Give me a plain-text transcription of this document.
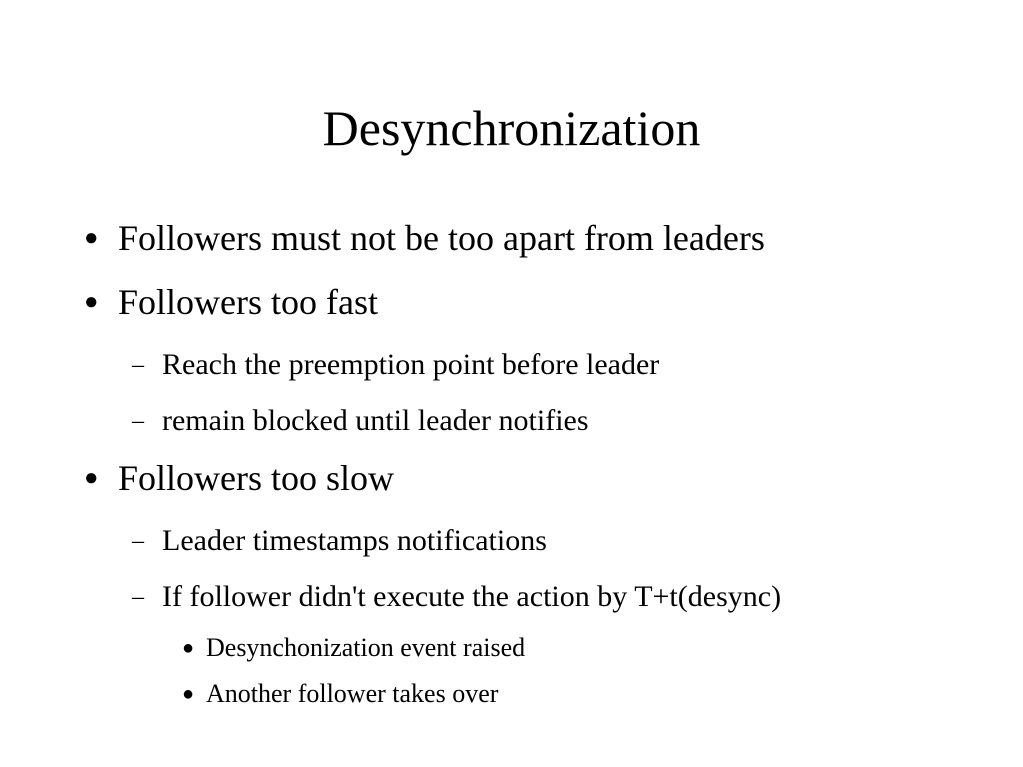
Desynchronization
● Followers must not be too apart from leaders
● Followers too fast
– Reach the preemption point before leader
– remain blocked until leader notifies
● Followers too slow
– Leader timestamps notifications
– If follower didn't execute the action by T+t(desync)
● Desynchonization event raised
● Another follower takes over
